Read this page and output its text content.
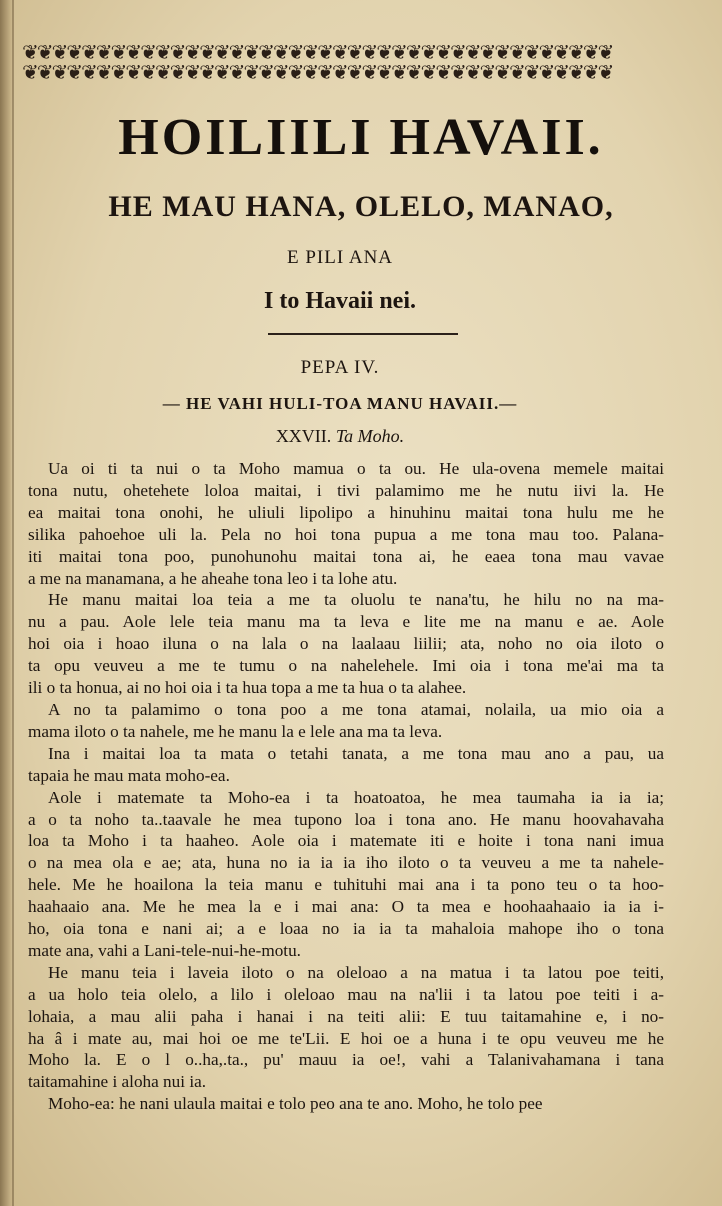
❦❦❦❦❦❦❦❦❦❦❦❦❦❦❦❦❦❦❦❦❦❦❦❦❦❦❦❦❦❦❦❦❦❦❦❦❦❦❦❦
❦❦❦❦❦❦❦❦❦❦❦❦❦❦❦❦❦❦❦❦❦❦❦❦❦❦❦❦❦❦❦❦❦❦❦❦❦❦❦❦
HOILIILI HAVAII.
HE MAU HANA, OLELO, MANAO,
E PILI ANA
I to Havaii nei.
PEPA IV.
— HE VAHI HULI-TOA MANU HAVAII.—
XXVII. Ta Moho.
Ua oi ti ta nui o ta Moho mamua o ta ou. He ula-ovena memele maitai
tona nutu, ohetehete loloa maitai, i tivi palamimo me he nutu iivi la. He
ea maitai tona onohi, he uliuli lipolipo a hinuhinu maitai tona hulu me he
silika pahoehoe uli la. Pela no hoi tona pupua a me tona mau too. Palana-
iti maitai tona poo, punohunohu maitai tona ai, he eaea tona mau vavae
a me na manamana, a he aheahe tona leo i ta lohe atu.
He manu maitai loa teia a me ta oluolu te nana'tu, he hilu no na ma-
nu a pau. Aole lele teia manu ma ta leva e lite me na manu e ae. Aole
hoi oia i hoao iluna o na lala o na laalaau liilii; ata, noho no oia iloto o
ta opu veuveu a me te tumu o na nahelehele. Imi oia i tona me'ai ma ta
ili o ta honua, ai no hoi oia i ta hua topa a me ta hua o ta alahee.
A no ta palamimo o tona poo a me tona atamai, nolaila, ua mio oia a
mama iloto o ta nahele, me he manu la e lele ana ma ta leva.
Ina i maitai loa ta mata o tetahi tanata, a me tona mau ano a pau, ua
tapaia he mau mata moho-ea.
Aole i matemate ta Moho-ea i ta hoatoatoa, he mea taumaha ia ia ia;
a o ta noho ta..taavale he mea tupono loa i tona ano. He manu hoovahavaha
loa ta Moho i ta haaheo. Aole oia i matemate iti e hoite i tona nani imua
o na mea ola e ae; ata, huna no ia ia ia iho iloto o ta veuveu a me ta nahele-
hele. Me he hoailona la teia manu e tuhituhi mai ana i ta pono teu o ta hoo-
haahaaio ana. Me he mea la e i mai ana: O ta mea e hoohaahaaio ia ia i-
ho, oia tona e nani ai; a e loaa no ia ia ta mahaloia mahope iho o tona
mate ana, vahi a Lani-tele-nui-he-motu.
He manu teia i laveia iloto o na oleloao a na matua i ta latou poe teiti,
a ua holo teia olelo, a lilo i oleloao mau na na'lii i ta latou poe teiti i a-
lohaia, a mau alii paha i hanai i na teiti alii: E tuu taitamahine e, i no-
ha â i mate au, mai hoi oe me te'Lii. E hoi oe a huna i te opu veuveu me he
Moho la. E o l o..ha,.ta., pu' mauu ia oe!, vahi a Talanivahamana i tana
taitamahine i aloha nui ia.
Moho-ea: he nani ulaula maitai e tolo peo ana te ano. Moho, he tolo pee
